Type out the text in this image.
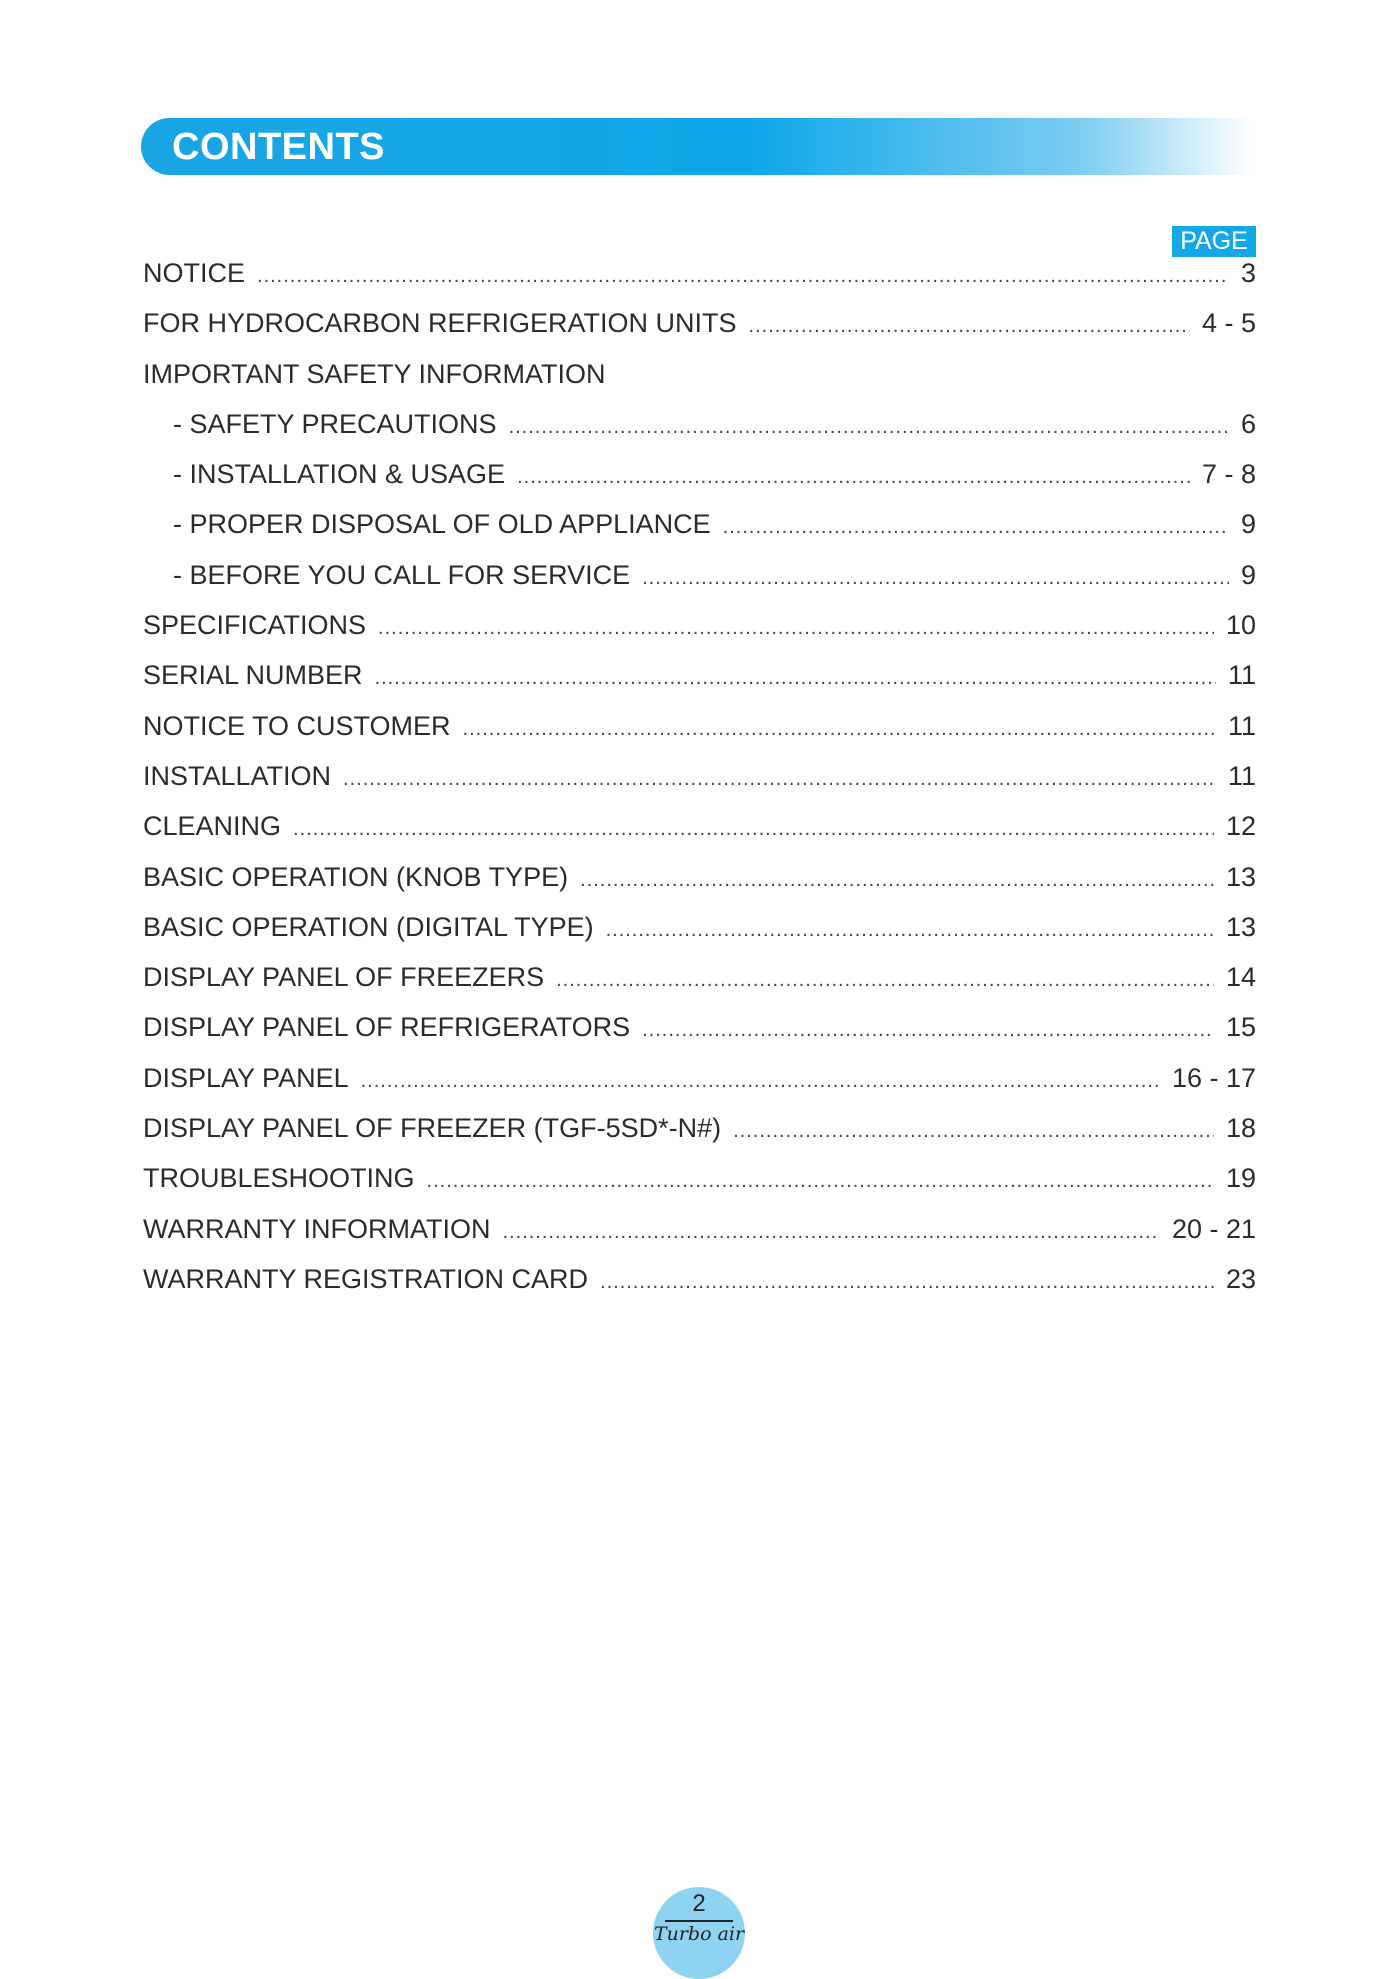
CONTENTS
PAGE
NOTICE .....	3
FOR HYDROCARBON REFRIGERATION UNITS .....	4 - 5
IMPORTANT SAFETY INFORMATION
- SAFETY PRECAUTIONS .....	6
- INSTALLATION & USAGE .....	7 - 8
- PROPER DISPOSAL OF OLD APPLIANCE .....	9
- BEFORE YOU CALL FOR SERVICE .....	9
SPECIFICATIONS .....	10
SERIAL NUMBER .....	11
NOTICE TO CUSTOMER .....	11
INSTALLATION .....	11
CLEANING .....	12
BASIC OPERATION (KNOB TYPE) .....	13
BASIC OPERATION (DIGITAL TYPE) .....	13
DISPLAY PANEL OF FREEZERS .....	14
DISPLAY PANEL OF REFRIGERATORS .....	15
DISPLAY PANEL .....	16 - 17
DISPLAY PANEL OF FREEZER (TGF-5SD*-N#) .....	18
TROUBLESHOOTING .....	19
WARRANTY INFORMATION .....	20 - 21
WARRANTY REGISTRATION CARD .....	23
2
Turbo air
